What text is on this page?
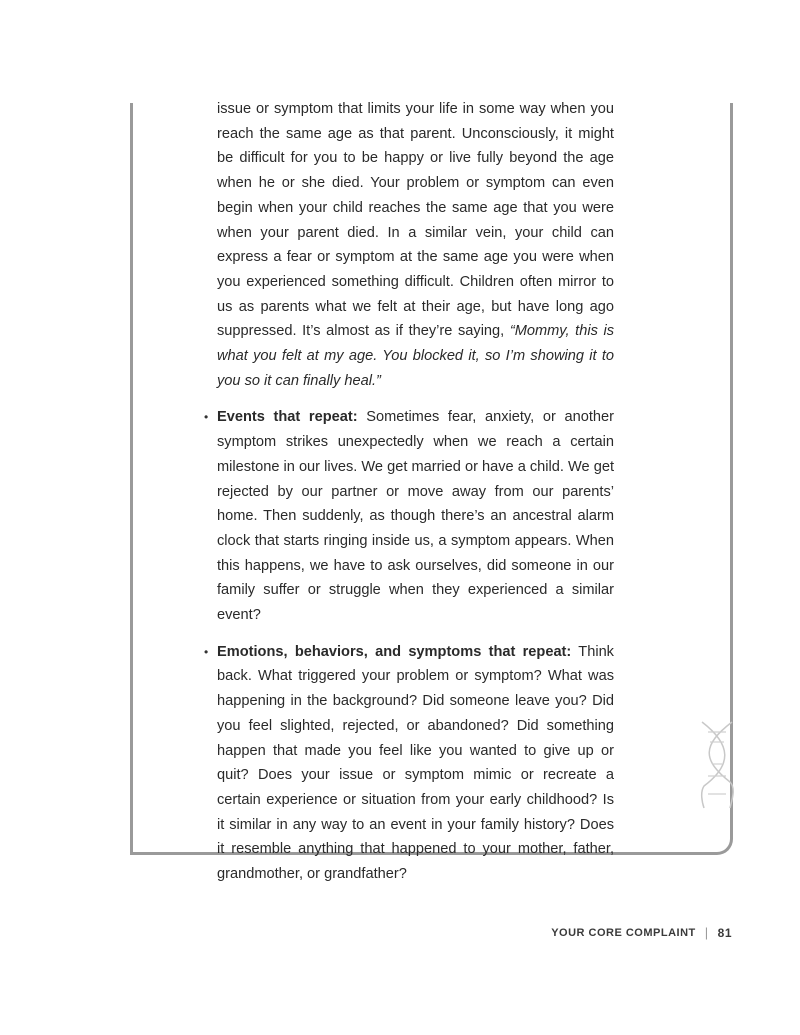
issue or symptom that limits your life in some way when you reach the same age as that parent. Unconsciously, it might be difficult for you to be happy or live fully beyond the age when he or she died. Your problem or symptom can even begin when your child reaches the same age that you were when your parent died. In a similar vein, your child can express a fear or symptom at the same age you were when you experienced something difficult. Children often mirror to us as parents what we felt at their age, but have long ago suppressed. It’s almost as if they’re saying, “Mommy, this is what you felt at my age. You blocked it, so I’m showing it to you so it can finally heal.”

• Events that repeat: Sometimes fear, anxiety, or another symptom strikes unexpectedly when we reach a certain milestone in our lives. We get married or have a child. We get rejected by our partner or move away from our parents’ home. Then suddenly, as though there’s an ancestral alarm clock that starts ringing inside us, a symptom appears. When this happens, we have to ask ourselves, did someone in our family suffer or struggle when they experienced a similar event?

• Emotions, behaviors, and symptoms that repeat: Think back. What triggered your problem or symptom? What was happening in the background? Did someone leave you? Did you feel slighted, rejected, or abandoned? Did something happen that made you feel like you wanted to give up or quit? Does your issue or symptom mimic or recreate a certain experience or situation from your early childhood? Is it similar in any way to an event in your family history? Does it resemble anything that happened to your mother, father, grandmother, or grandfather?

YOUR CORE COMPLAINT | 81
